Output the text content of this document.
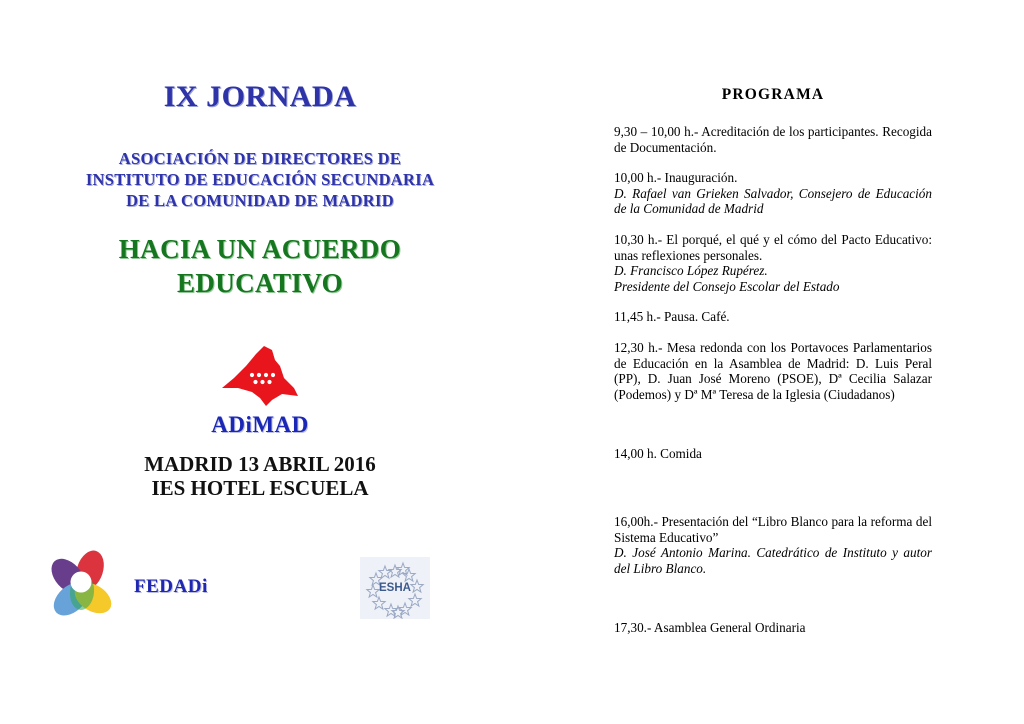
IX JORNADA
ASOCIACIÓN DE DIRECTORES DE
INSTITUTO DE EDUCACIÓN SECUNDARIA
DE LA COMUNIDAD DE MADRID
HACIA UN ACUERDO
EDUCATIVO
ADiMAD
MADRID 13 ABRIL 2016
IES HOTEL ESCUELA
FEDADi	ESHA
PROGRAMA

9,30 – 10,00 h.- Acreditación de los participantes. Recogida de Documentación.

10,00 h.- Inauguración.

D. Rafael van Grieken Salvador, Consejero de Educación de la Comunidad de Madrid

10,30 h.- El porqué, el qué y el cómo del Pacto Educativo: unas reflexiones personales.

D. Francisco López Rupérez.

Presidente del Consejo Escolar del Estado

11,45 h.- Pausa. Café.

12,30 h.- Mesa redonda con los Portavoces Parlamentarios de Educación en la Asamblea de Madrid: D. Luis Peral (PP), D. Juan José Moreno (PSOE), Dª Cecilia Salazar (Podemos) y Dª Mª Teresa de la Iglesia (Ciudadanos)

14,00 h. Comida

16,00h.- Presentación del “Libro Blanco para la reforma del Sistema Educativo”

D. José Antonio Marina. Catedrático de Instituto y autor del Libro Blanco.

17,30.- Asamblea General Ordinaria
